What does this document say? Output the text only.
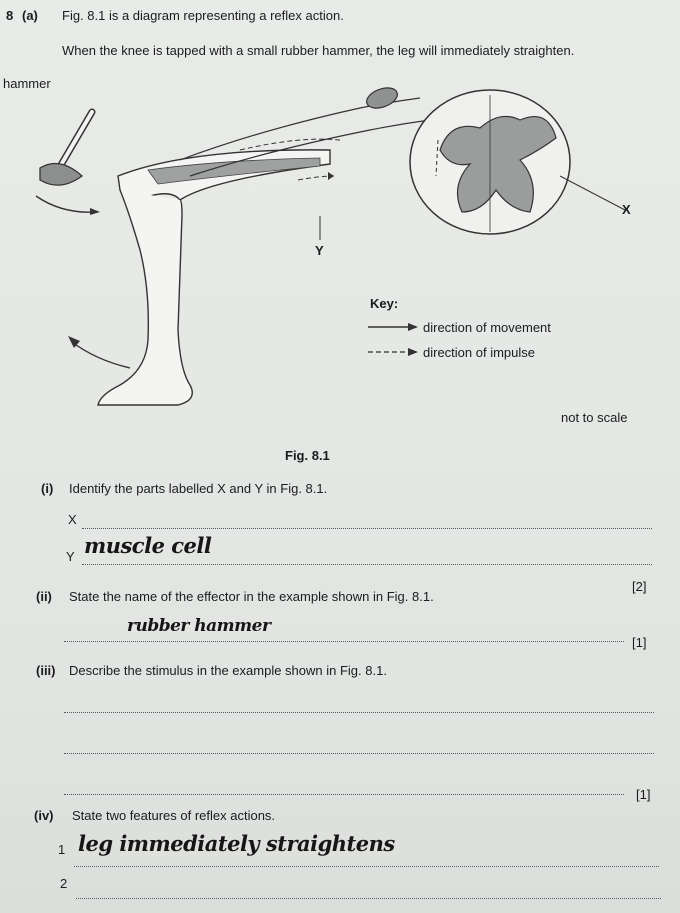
8 (a) Fig. 8.1 is a diagram representing a reflex action.
When the knee is tapped with a small rubber hammer, the leg will immediately straighten.
hammer
X
Y
Key:
direction of movement
direction of impulse
not to scale
Fig. 8.1
(i) Identify the parts labelled X and Y in Fig. 8.1.
X
Y muscle cell
[2]
(ii) State the name of the effector in the example shown in Fig. 8.1.
rubber hammer
[1]
(iii) Describe the stimulus in the example shown in Fig. 8.1.
[1]
(iv) State two features of reflex actions.
1 leg immediately straightens
2
